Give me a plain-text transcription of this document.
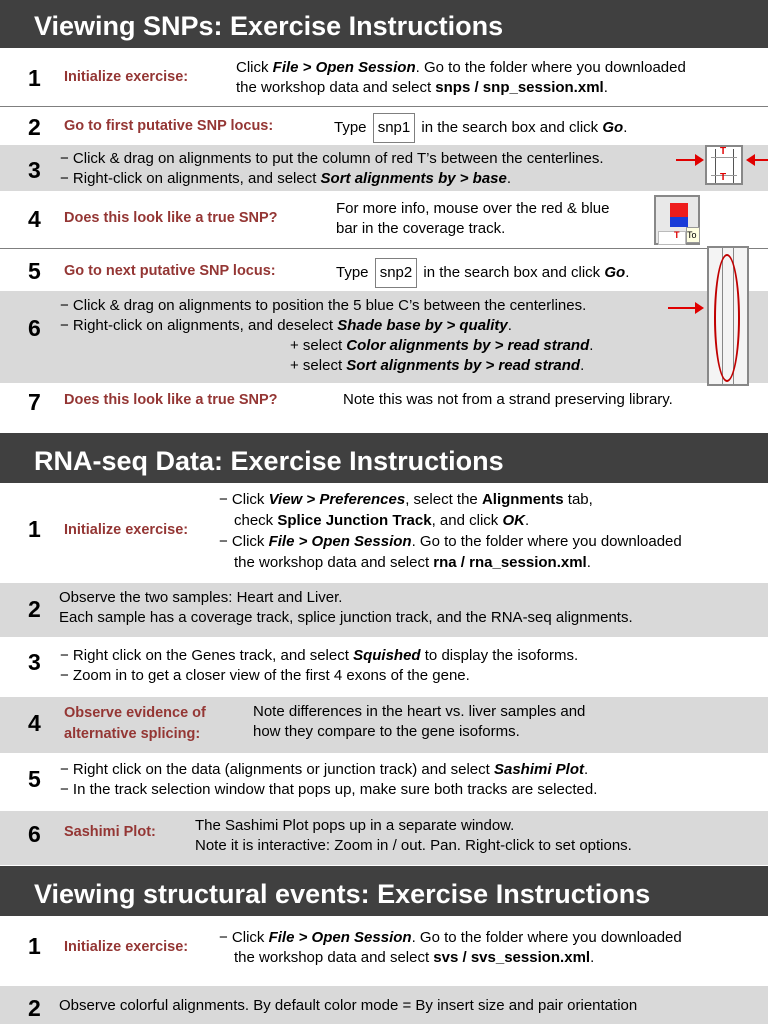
Viewing SNPs: Exercise Instructions
1 Initialize exercise:
Click File > Open Session. Go to the folder where you downloaded
the workshop data and select snps / snp_session.xml.
2 Go to first putative SNP locus:	Type snp1 in the search box and click Go.
3 − Click & drag on alignments to put the column of red T’s between the centerlines.
− Right-click on alignments, and select Sort alignments by > base.
T
T
4 Does this look like a true SNP?
For more info, mouse over the red & blue
bar in the coverage track.	T To
5 Go to next putative SNP locus:	Type snp2 in the search box and click Go.
6
− Click & drag on alignments to position the 5 blue C’s between the centerlines.
− Right-click on alignments, and deselect Shade base by > quality.
+ select Color alignments by > read strand.
+ select Sort alignments by > read strand.
7 Does this look like a true SNP?	Note this was not from a strand preserving library.
RNA-seq Data: Exercise Instructions
1 Initialize exercise:
− Click View > Preferences, select the Alignments tab,
check Splice Junction Track, and click OK.
− Click File > Open Session. Go to the folder where you downloaded
the workshop data and select rna / rna_session.xml.
2 Observe the two samples: Heart and Liver.
Each sample has a coverage track, splice junction track, and the RNA-seq alignments.
3 − Right click on the Genes track, and select Squished to display the isoforms.
− Zoom in to get a closer view of the first 4 exons of the gene.
4 Observe evidence of
alternative splicing:
Note differences in the heart vs. liver samples and
how they compare to the gene isoforms.
5 − Right click on the data (alignments or junction track) and select Sashimi Plot.
− In the track selection window that pops up, make sure both tracks are selected.
6 Sashimi Plot:	The Sashimi Plot pops up in a separate window.
Note it is interactive: Zoom in / out. Pan. Right-click to set options.
Viewing structural events: Exercise Instructions
1 Initialize exercise:
− Click File > Open Session. Go to the folder where you downloaded
the workshop data and select svs / svs_session.xml.
2 Observe colorful alignments. By default color mode = By insert size and pair orientation
